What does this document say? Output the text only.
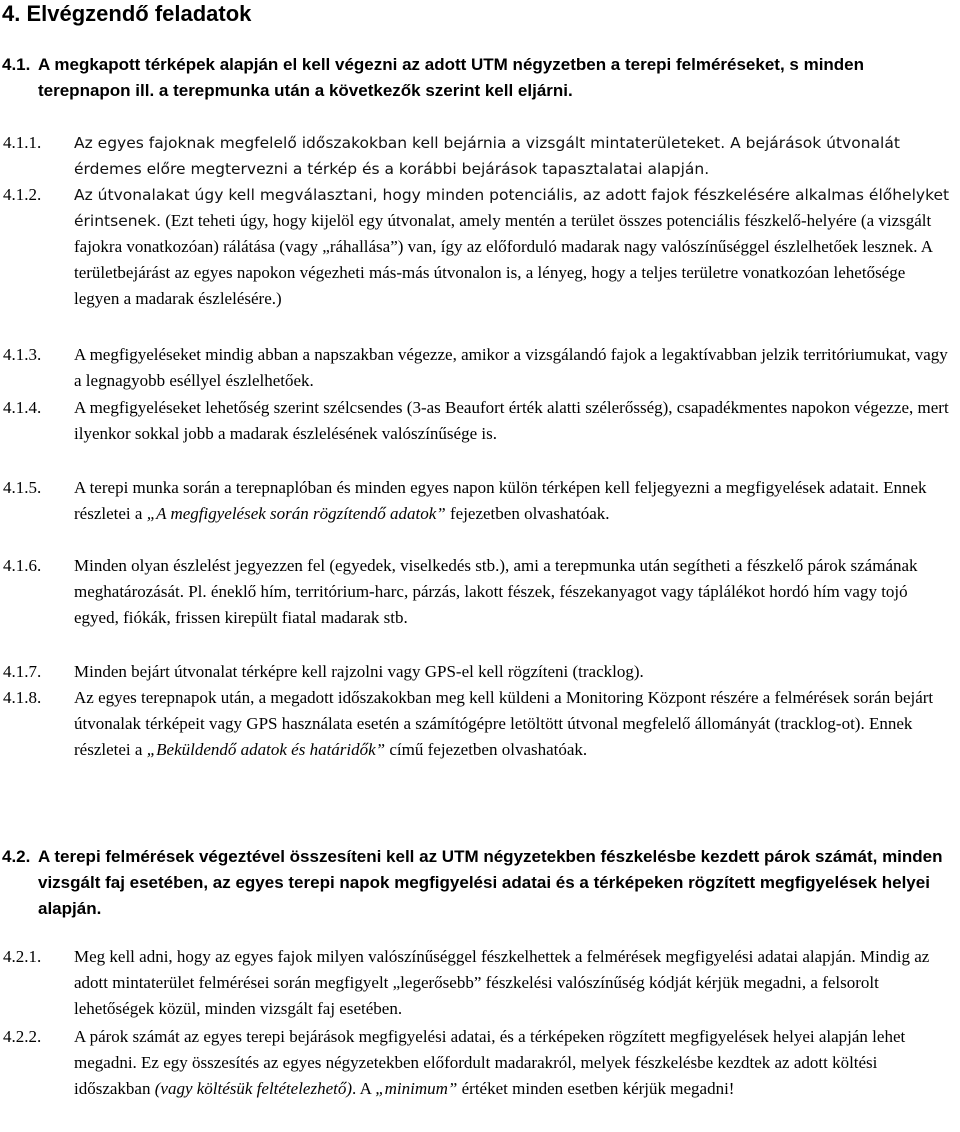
4. Elvégzendő feladatok
4.1. A megkapott térképek alapján el kell végezni az adott UTM négyzetben a terepi felméréseket, s minden terepnapon ill. a terepmunka után a következők szerint kell eljárni.
4.1.1. Az egyes fajoknak megfelelő időszakokban kell bejárnia a vizsgált mintaterületeket. A bejárások útvonalát érdemes előre megtervezni a térkép és a korábbi bejárások tapasztalatai alapján.
4.1.2. Az útvonalakat úgy kell megválasztani, hogy minden potenciális, az adott fajok fészkelésére alkalmas élőhelyket érintsenek. (Ezt teheti úgy, hogy kijelöl egy útvonalat, amely mentén a terület összes potenciális fészkelő-helyére (a vizsgált fajokra vonatkozóan) rálátása (vagy „ráhallása”) van, így az előforduló madarak nagy valószínűséggel észlelhetőek lesznek. A területbejárást az egyes napokon végezheti más-más útvonalon is, a lényeg, hogy a teljes területre vonatkozóan lehetősége legyen a madarak észlelésére.)
4.1.3. A megfigyeléseket mindig abban a napszakban végezze, amikor a vizsgálandó fajok a legaktívabban jelzik territóriumukat, vagy a legnagyobb eséllyel észlelhetőek.
4.1.4. A megfigyeléseket lehetőség szerint szélcsendes (3-as Beaufort érték alatti szélerősség), csapadékmentes napokon végezze, mert ilyenkor sokkal jobb a madarak észlelésének valószínűsége is.
4.1.5. A terepi munka során a terepnaplóban és minden egyes napon külön térképen kell feljegyezni a megfigyelések adatait. Ennek részletei a „A megfigyelések során rögzítendő adatok” fejezetben olvashatóak.
4.1.6. Minden olyan észlelést jegyezzen fel (egyedek, viselkedés stb.), ami a terepmunka után segítheti a fészkelő párok számának meghatározását. Pl. éneklő hím, territórium-harc, párzás, lakott fészek, fészekanyagot vagy táplálékot hordó hím vagy tojó egyed, fiókák, frissen kirepült fiatal madarak stb.
4.1.7. Minden bejárt útvonalat térképre kell rajzolni vagy GPS-el kell rögzíteni (tracklog).
4.1.8. Az egyes terepnapok után, a megadott időszakokban meg kell küldeni a Monitoring Központ részére a felmérések során bejárt útvonalak térképeit vagy GPS használata esetén a számítógépre letöltött útvonal megfelelő állományát (tracklog-ot). Ennek részletei a „Beküldendő adatok és határidők” című fejezetben olvashatóak.
4.2. A terepi felmérések végeztével összesíteni kell az UTM négyzetekben fészkelésbe kezdett párok számát, minden vizsgált faj esetében, az egyes terepi napok megfigyelési adatai és a térképeken rögzített megfigyelések helyei alapján.
4.2.1. Meg kell adni, hogy az egyes fajok milyen valószínűséggel fészkelhettek a felmérések megfigyelési adatai alapján. Mindig az adott mintaterület felmérései során megfigyelt „legerősebb” fészkelési valószínűség kódját kérjük megadni, a felsorolt lehetőségek közül, minden vizsgált faj esetében.
4.2.2. A párok számát az egyes terepi bejárások megfigyelési adatai, és a térképeken rögzített megfigyelések helyei alapján lehet megadni. Ez egy összesítés az egyes négyzetekben előfordult madarakról, melyek fészkelésbe kezdtek az adott költési időszakban (vagy költésük feltételezhető). A „minimum” értéket minden esetben kérjük megadni!
